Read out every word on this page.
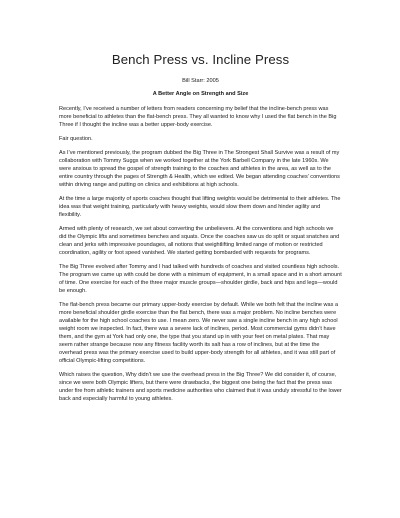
Bench Press vs. Incline Press
Bill Starr: 2005
A Better Angle on Strength and Size

Recently, I’ve received a number of letters from readers concerning my belief that the incline-bench press was more beneficial to athletes than the flat-bench press. They all wanted to know why I used the flat bench in the Big Three if I thought the incline was a better upper-body exercise.

Fair question.

As I’ve mentioned previously, the program dubbed the Big Three in The Strongest Shall Survive was a result of my collaboration with Tommy Suggs when we worked together at the York Barbell Company in the late 1960s. We were anxious to spread the gospel of strength training to the coaches and athletes in the area, as well as to the entire country through the pages of Strength & Health, which we edited. We began attending coaches’ conventions within driving range and putting on clinics and exhibitions at high schools.

At the time a large majority of sports coaches thought that lifting weights would be detrimental to their athletes. The idea was that weight training, particularly with heavy weights, would slow them down and hinder agility and flexibility.

Armed with plenty of research, we set about converting the unbelievers. At the conventions and high schools we did the Olympic lifts and sometimes benches and squats. Once the coaches saw us do split or squat snatches and clean and jerks with impressive poundages, all notions that weightlifting limited range of motion or restricted coordination, agility or foot speed vanished. We started getting bombarded with requests for programs.

The Big Three evolved after Tommy and I had talked with hundreds of coaches and visited countless high schools. The program we came up with could be done with a minimum of equipment, in a small space and in a short amount of time. One exercise for each of the three major muscle groups—shoulder girdle, back and hips and legs—would be enough.

The flat-bench press became our primary upper-body exercise by default. While we both felt that the incline was a more beneficial shoulder girdle exercise than the flat bench, there was a major problem. No incline benches were available for the high school coaches to use. I mean zero. We never saw a single incline bench in any high school weight room we inspected. In fact, there was a severe lack of inclines, period. Most commercial gyms didn’t have them, and the gym at York had only one, the type that you stand up in with your feet on metal plates. That may seem rather strange because now any fitness facility worth its salt has a row of inclines, but at the time the overhead press was the primary exercise used to build upper-body strength for all athletes, and it was still part of official Olympic-lifting competitions.

Which raises the question, Why didn’t we use the overhead press in the Big Three? We did consider it, of course, since we were both Olympic lifters, but there were drawbacks, the biggest one being the fact that the press was under fire from athletic trainers and sports medicine authorities who claimed that it was unduly stressful to the lower back and especially harmful to young athletes.
